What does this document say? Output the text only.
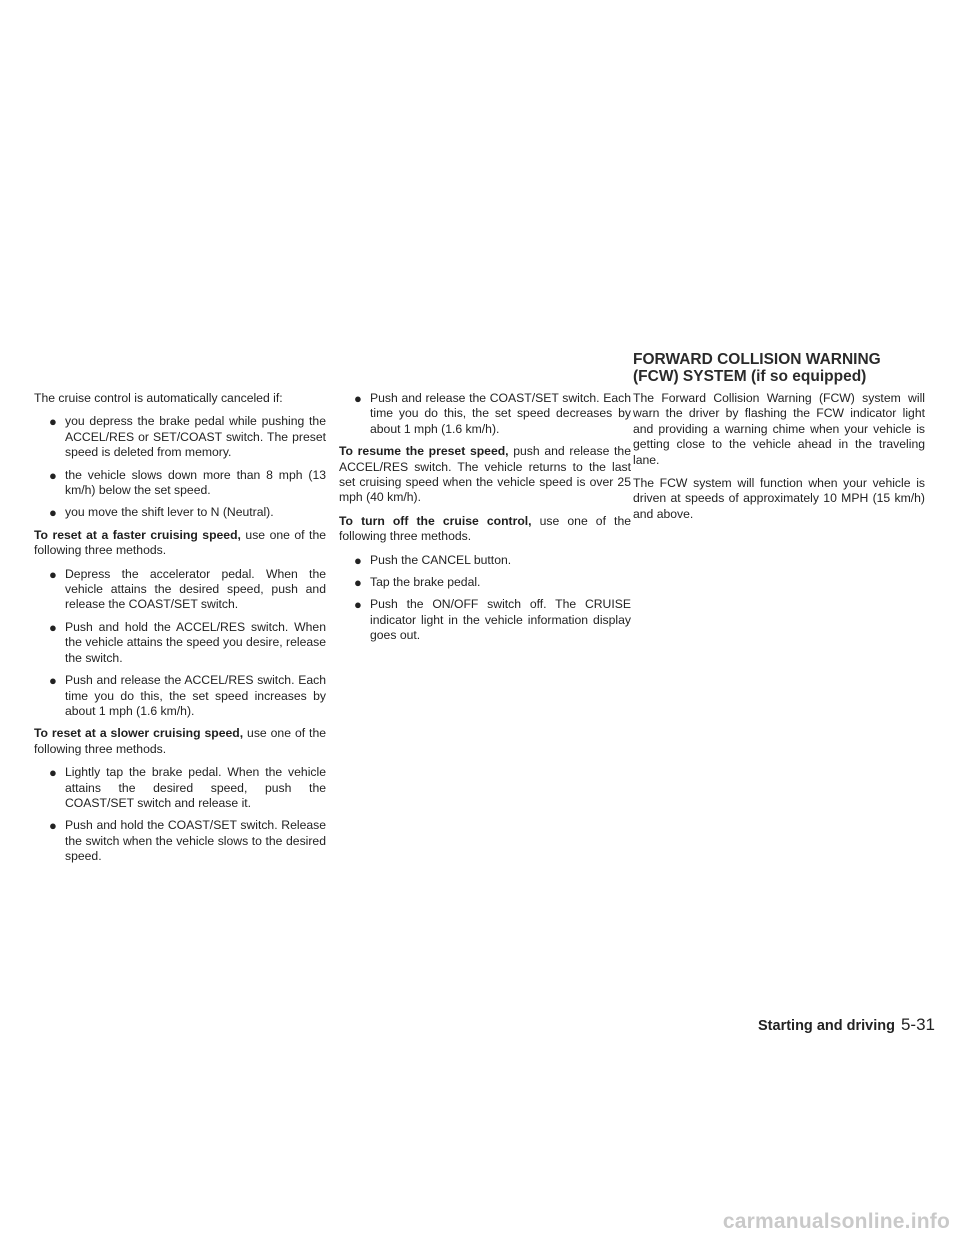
FORWARD COLLISION WARNING
(FCW) SYSTEM (if so equipped)

The cruise control is automatically canceled if:

● you depress the brake pedal while pushing the ACCEL/RES or SET/COAST switch. The preset speed is deleted from memory.
● the vehicle slows down more than 8 mph (13 km/h) below the set speed.
● you move the shift lever to N (Neutral).

To reset at a faster cruising speed, use one of the following three methods.

● Depress the accelerator pedal. When the vehicle attains the desired speed, push and release the COAST/SET switch.
● Push and hold the ACCEL/RES switch. When the vehicle attains the speed you desire, release the switch.
● Push and release the ACCEL/RES switch. Each time you do this, the set speed increases by about 1 mph (1.6 km/h).

To reset at a slower cruising speed, use one of the following three methods.

● Lightly tap the brake pedal. When the vehicle attains the desired speed, push the COAST/SET switch and release it.
● Push and hold the COAST/SET switch. Release the switch when the vehicle slows to the desired speed.
● Push and release the COAST/SET switch. Each time you do this, the set speed decreases by about 1 mph (1.6 km/h).

To resume the preset speed, push and release the ACCEL/RES switch. The vehicle returns to the last set cruising speed when the vehicle speed is over 25 mph (40 km/h).

To turn off the cruise control, use one of the following three methods.

● Push the CANCEL button.
● Tap the brake pedal.
● Push the ON/OFF switch off. The CRUISE indicator light in the vehicle information display goes out.

The Forward Collision Warning (FCW) system will warn the driver by flashing the FCW indicator light and providing a warning chime when your vehicle is getting close to the vehicle ahead in the traveling lane.

The FCW system will function when your vehicle is driven at speeds of approximately 10 MPH (15 km/h) and above.

Starting and driving 5-31
carmanualsonline.info
